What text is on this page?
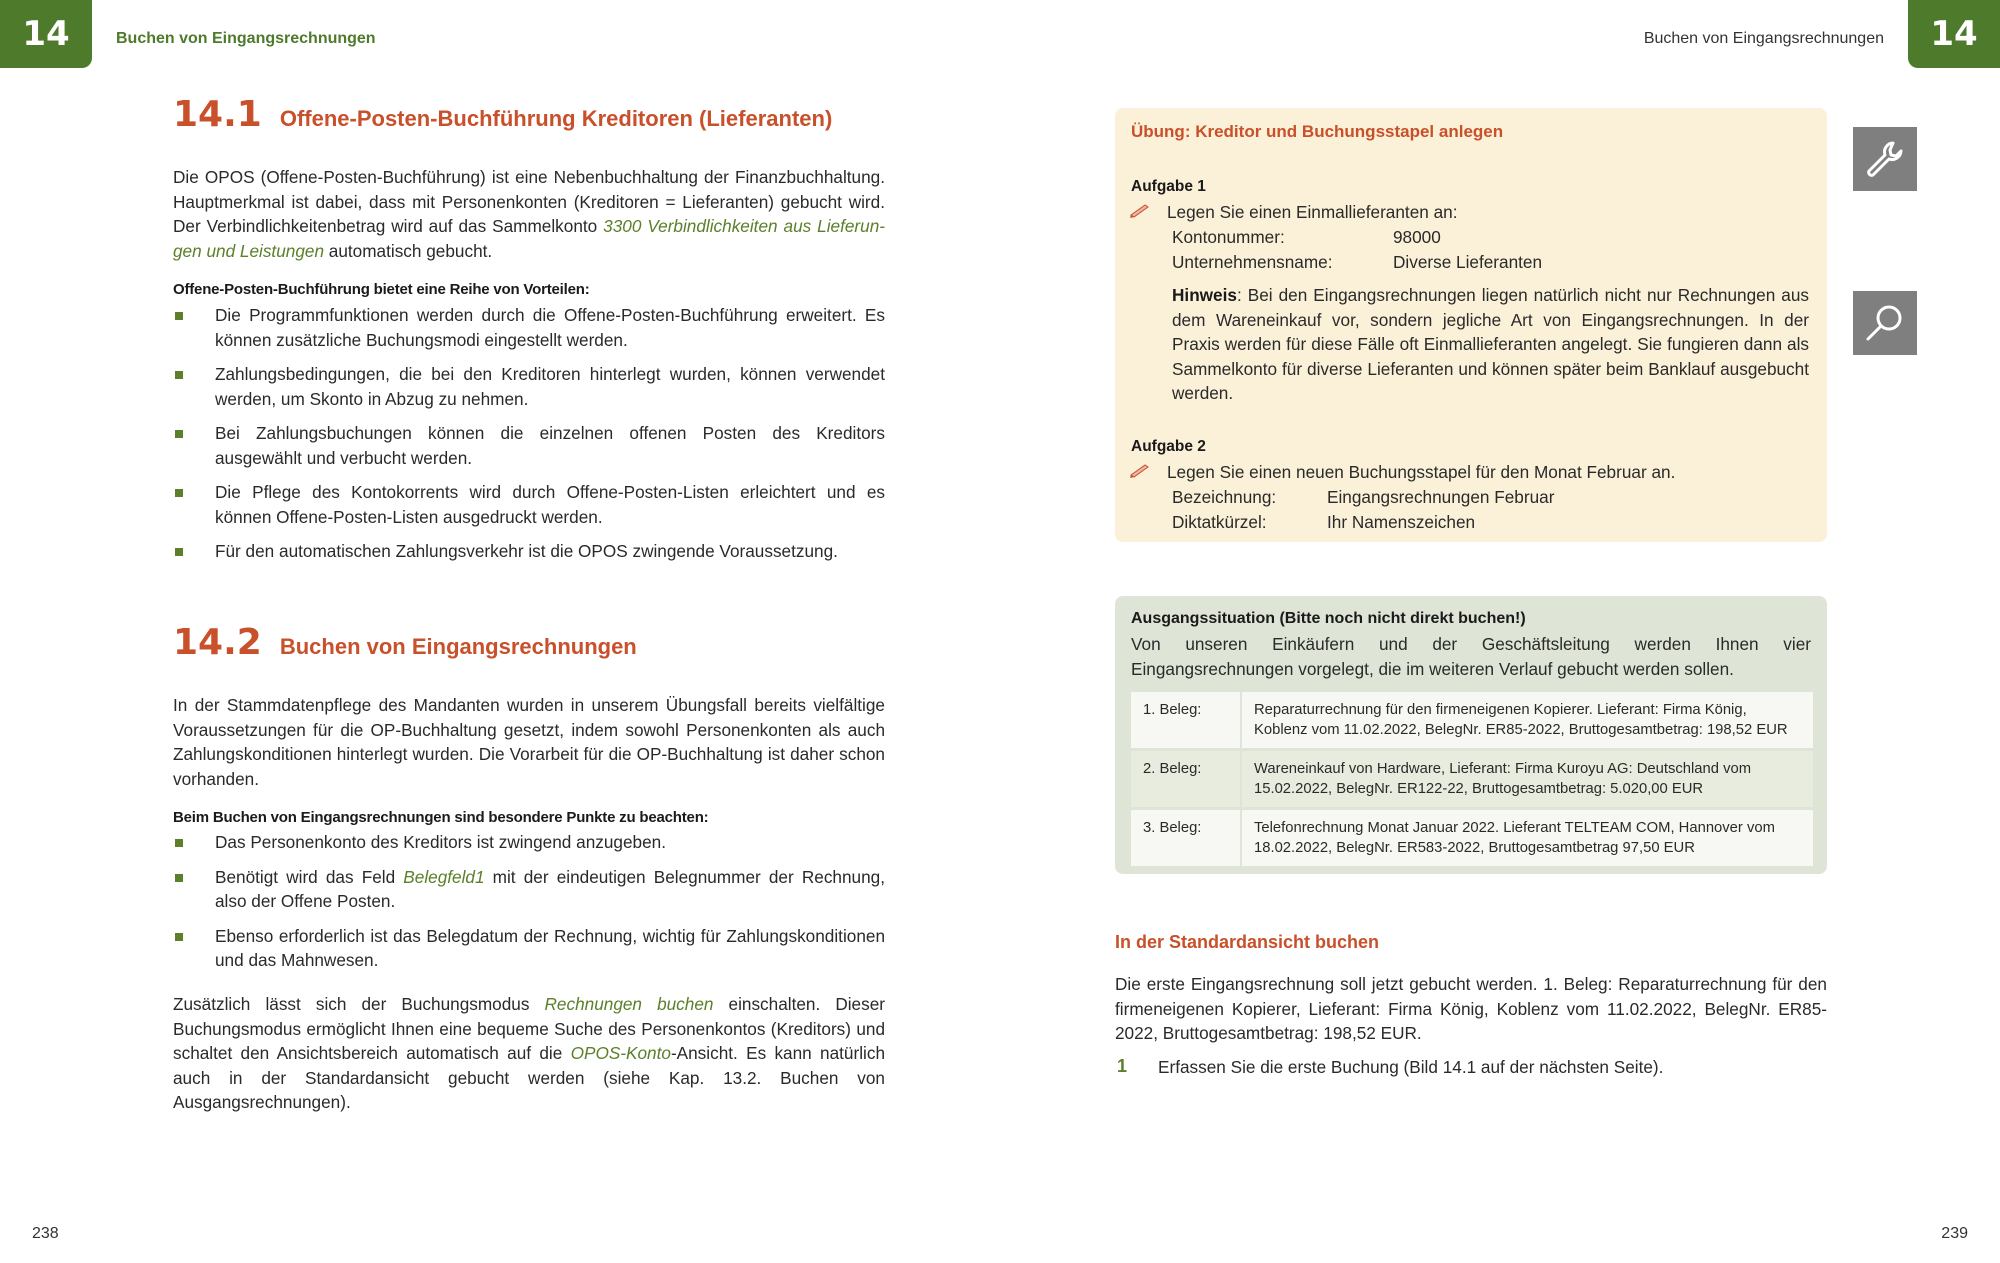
14	14
Buchen von Eingangsrechnungen	Buchen von Eingangsrechnungen
14.1 Offene-Posten-Buchführung Kreditoren (Lieferanten)
Die OPOS (Offene-Posten-Buchführung) ist eine Nebenbuchhaltung der Finanzbuchhaltung. Hauptmerkmal ist dabei, dass mit Personenkonten (Kreditoren = Lieferanten) gebucht wird. Der Verbindlichkeitenbetrag wird auf das Sammelkonto 3300 Verbindlichkeiten aus Lieferun-gen und Leistungen automatisch gebucht.
Offene-Posten-Buchführung bietet eine Reihe von Vorteilen:
Die Programmfunktionen werden durch die Offene-Posten-Buchführung erweitert. Es können zusätzliche Buchungsmodi eingestellt werden.
Zahlungsbedingungen, die bei den Kreditoren hinterlegt wurden, können verwendet werden, um Skonto in Abzug zu nehmen.
Bei Zahlungsbuchungen können die einzelnen offenen Posten des Kreditors ausgewählt und verbucht werden.
Die Pflege des Kontokorrents wird durch Offene-Posten-Listen erleichtert und es können Offene-Posten-Listen ausgedruckt werden.
Für den automatischen Zahlungsverkehr ist die OPOS zwingende Voraussetzung.
14.2 Buchen von Eingangsrechnungen
In der Stammdatenpflege des Mandanten wurden in unserem Übungsfall bereits vielfältige Voraussetzungen für die OP-Buchhaltung gesetzt, indem sowohl Personenkonten als auch Zahlungskonditionen hinterlegt wurden. Die Vorarbeit für die OP-Buchhaltung ist daher schon vorhanden.
Beim Buchen von Eingangsrechnungen sind besondere Punkte zu beachten:
Das Personenkonto des Kreditors ist zwingend anzugeben.
Benötigt wird das Feld Belegfeld1 mit der eindeutigen Belegnummer der Rechnung, also der Offene Posten.
Ebenso erforderlich ist das Belegdatum der Rechnung, wichtig für Zahlungskonditionen und das Mahnwesen.
Zusätzlich lässt sich der Buchungsmodus Rechnungen buchen einschalten. Dieser Buchungsmodus ermöglicht Ihnen eine bequeme Suche des Personenkontos (Kreditors) und schaltet den Ansichtsbereich automatisch auf die OPOS-Konto-Ansicht. Es kann natürlich auch in der Standardansicht gebucht werden (siehe Kap. 13.2. Buchen von Ausgangsrechnungen).
238
Übung: Kreditor und Buchungsstapel anlegen
Aufgabe 1
Legen Sie einen Einmallieferanten an:
Kontonummer:	98000
Unternehmensname:	Diverse Lieferanten
Hinweis: Bei den Eingangsrechnungen liegen natürlich nicht nur Rechnungen aus dem Wareneinkauf vor, sondern jegliche Art von Eingangsrechnungen. In der Praxis werden für diese Fälle oft Einmallieferanten angelegt. Sie fungieren dann als Sammelkonto für diverse Lieferanten und können später beim Banklauf ausgebucht werden.
Aufgabe 2
Legen Sie einen neuen Buchungsstapel für den Monat Februar an.
Bezeichnung:	Eingangsrechnungen Februar
Diktatkürzel:	Ihr Namenszeichen
Ausgangssituation (Bitte noch nicht direkt buchen!)
Von unseren Einkäufern und der Geschäftsleitung werden Ihnen vier Eingangsrechnungen vorgelegt, die im weiteren Verlauf gebucht werden sollen.
1. Beleg:	Reparaturrechnung für den firmeneigenen Kopierer. Lieferant: Firma König, Koblenz vom 11.02.2022, BelegNr. ER85-2022, Bruttogesamtbetrag: 198,52 EUR
2. Beleg:	Wareneinkauf von Hardware, Lieferant: Firma Kuroyu AG: Deutschland vom 15.02.2022, BelegNr. ER122-22, Bruttogesamtbetrag: 5.020,00 EUR
3. Beleg:	Telefonrechnung Monat Januar 2022. Lieferant TELTEAM COM, Hannover vom 18.02.2022, BelegNr. ER583-2022, Bruttogesamtbetrag 97,50 EUR
In der Standardansicht buchen
Die erste Eingangsrechnung soll jetzt gebucht werden. 1. Beleg: Reparaturrechnung für den firmeneigenen Kopierer, Lieferant: Firma König, Koblenz vom 11.02.2022, BelegNr. ER85-2022, Bruttogesamtbetrag: 198,52 EUR.
1 Erfassen Sie die erste Buchung (Bild 14.1 auf der nächsten Seite).
239
